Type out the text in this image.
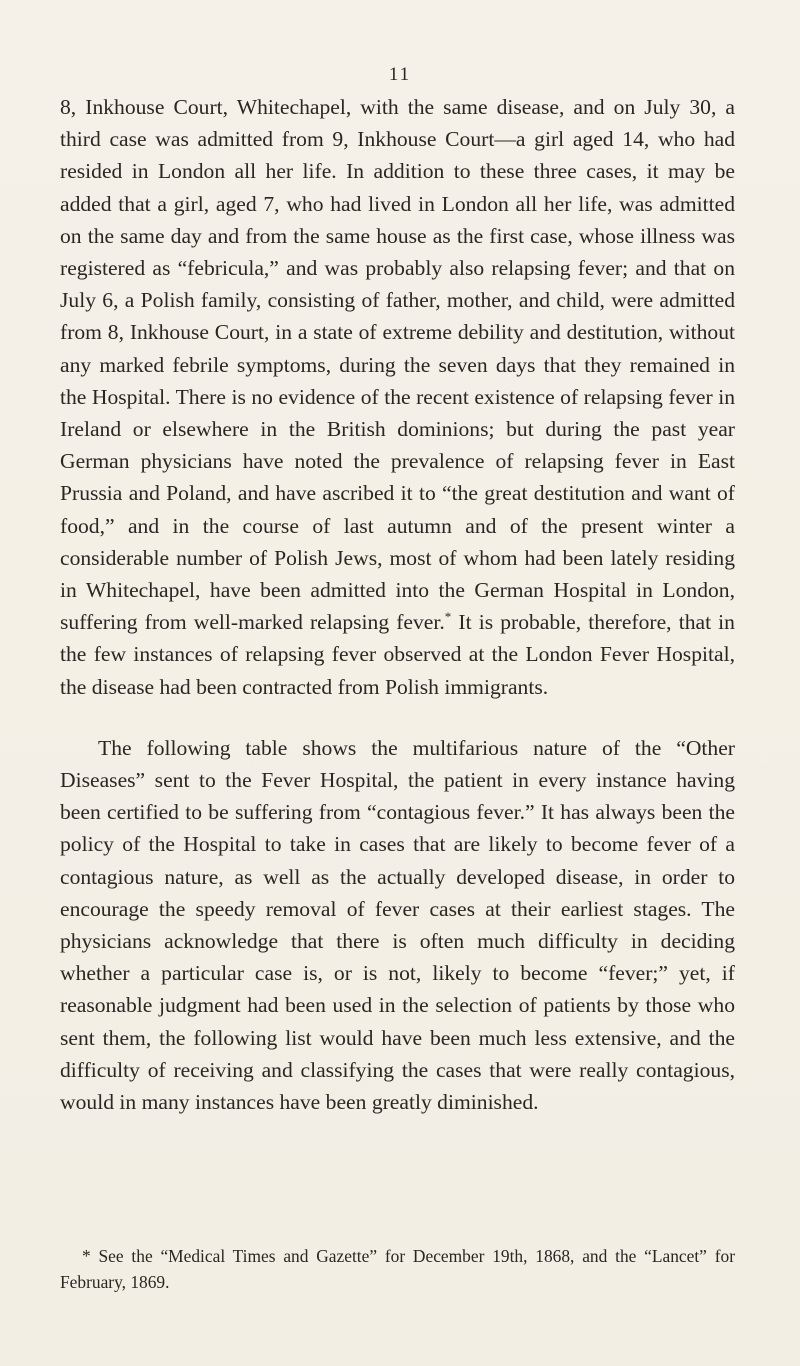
11

8, Inkhouse Court, Whitechapel, with the same disease, and on July 30, a third case was admitted from 9, Inkhouse Court—a girl aged 14, who had resided in London all her life. In addition to these three cases, it may be added that a girl, aged 7, who had lived in London all her life, was admitted on the same day and from the same house as the first case, whose illness was registered as “febricula,” and was probably also relapsing fever; and that on July 6, a Polish family, consisting of father, mother, and child, were admitted from 8, Inkhouse Court, in a state of extreme debility and destitution, without any marked febrile symptoms, during the seven days that they remained in the Hospital. There is no evidence of the recent existence of relapsing fever in Ireland or elsewhere in the British dominions; but during the past year German physicians have noted the prevalence of relapsing fever in East Prussia and Poland, and have ascribed it to “the great destitution and want of food,” and in the course of last autumn and of the present winter a considerable number of Polish Jews, most of whom had been lately residing in Whitechapel, have been admitted into the German Hospital in London, suffering from well-marked relapsing fever.* It is probable, therefore, that in the few instances of relapsing fever observed at the London Fever Hospital, the disease had been contracted from Polish immigrants.

The following table shows the multifarious nature of the “Other Diseases” sent to the Fever Hospital, the patient in every instance having been certified to be suffering from “contagious fever.” It has always been the policy of the Hospital to take in cases that are likely to become fever of a contagious nature, as well as the actually developed disease, in order to encourage the speedy removal of fever cases at their earliest stages. The physicians acknowledge that there is often much difficulty in deciding whether a particular case is, or is not, likely to become “fever;” yet, if reasonable judgment had been used in the selection of patients by those who sent them, the following list would have been much less extensive, and the difficulty of receiving and classifying the cases that were really contagious, would in many instances have been greatly diminished.

* See the “Medical Times and Gazette” for December 19th, 1868, and the “Lancet” for February, 1869.
